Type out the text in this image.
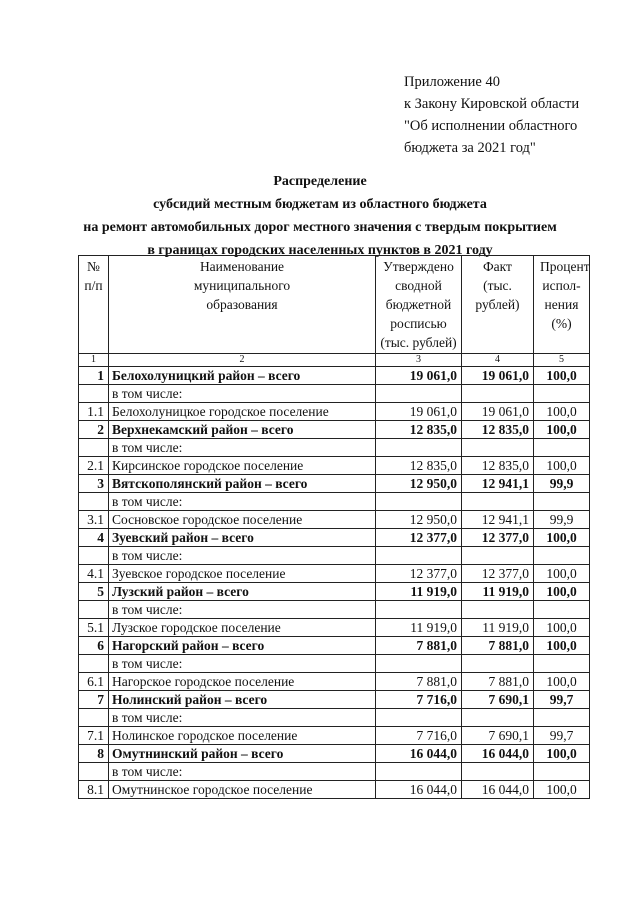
Приложение 40
к Закону Кировской области
"Об исполнении областного
бюджета за 2021 год"
Распределение
субсидий местным бюджетам из областного бюджета
на ремонт автомобильных дорог местного значения с твердым покрытием
в границах городских населенных пунктов в 2021 году
№ п/п	Наименование муниципального образования	Утверждено сводной бюджетной росписью (тыс. рублей)	Факт (тыс. рублей)	Процент испол-нения (%)
1	2	3	4	5
1	Белохолуницкий район – всего	19 061,0	19 061,0	100,0
	в том числе:			
1.1	Белохолуницкое городское поселение	19 061,0	19 061,0	100,0
2	Верхнекамский район – всего	12 835,0	12 835,0	100,0
	в том числе:			
2.1	Кирсинское городское поселение	12 835,0	12 835,0	100,0
3	Вятскополянский район – всего	12 950,0	12 941,1	99,9
	в том числе:			
3.1	Сосновское городское поселение	12 950,0	12 941,1	99,9
4	Зуевский район – всего	12 377,0	12 377,0	100,0
	в том числе:			
4.1	Зуевское городское поселение	12 377,0	12 377,0	100,0
5	Лузский район – всего	11 919,0	11 919,0	100,0
	в том числе:			
5.1	Лузское городское поселение	11 919,0	11 919,0	100,0
6	Нагорский район – всего	7 881,0	7 881,0	100,0
	в том числе:			
6.1	Нагорское городское поселение	7 881,0	7 881,0	100,0
7	Нолинский район – всего	7 716,0	7 690,1	99,7
	в том числе:			
7.1	Нолинское городское поселение	7 716,0	7 690,1	99,7
8	Омутнинский район – всего	16 044,0	16 044,0	100,0
	в том числе:			
8.1	Омутнинское городское поселение	16 044,0	16 044,0	100,0
